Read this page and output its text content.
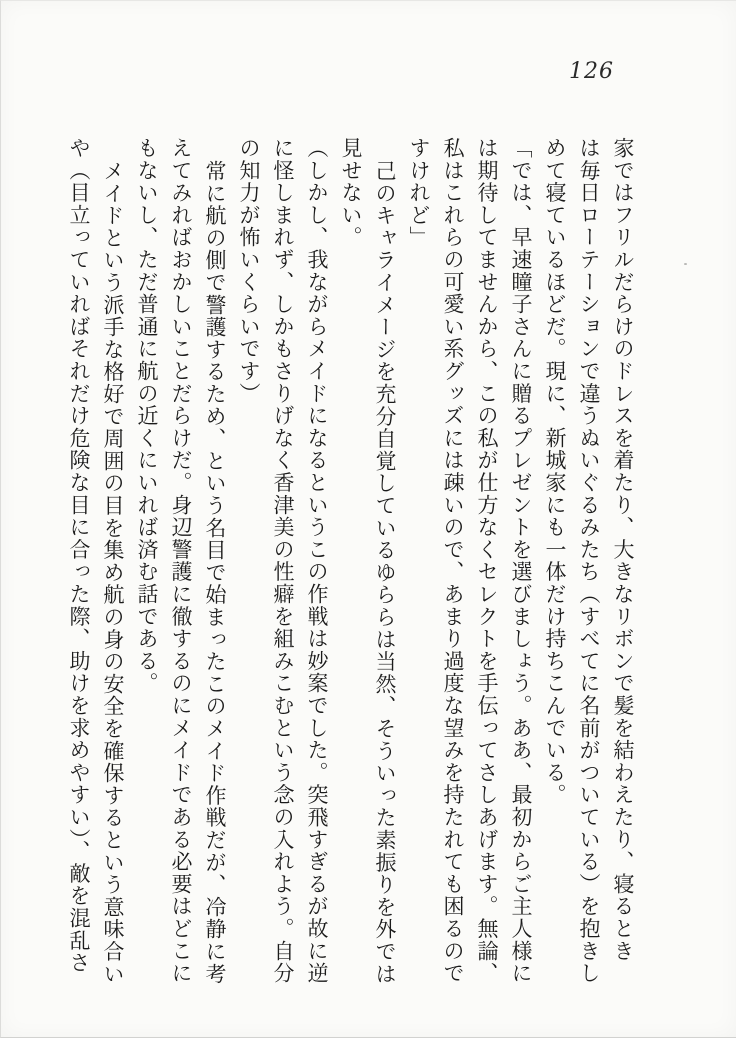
126
家ではフリルだらけのドレスを着たり、大きなリボンで髪を結わえたり、寝るとき
は毎日ローテーションで違うぬいぐるみたち（すべてに名前がついている）を抱きし
めて寝ているほどだ。現に、新城家にも一体だけ持ちこんでいる。
「では、早速瞳子さんに贈るプレゼントを選びましょう。ああ、最初からご主人様に
は期待してませんから、この私が仕方なくセレクトを手伝ってさしあげます。無論、
私はこれらの可愛い系グッズには疎いので、あまり過度な望みを持たれても困るので
すけれど」
己のキャライメージを充分自覚しているゆららは当然、そういった素振りを外では
見せない。
（しかし、我ながらメイドになるというこの作戦は妙案でした。突飛すぎるが故に逆
に怪しまれず、しかもさりげなく香津美の性癖を組みこむという念の入れよう。自分
の知力が怖いくらいです）
常に航の側で警護するため、という名目で始まったこのメイド作戦だが、冷静に考
えてみればおかしいことだらけだ。身辺警護に徹するのにメイドである必要はどこに
もないし、ただ普通に航の近くにいれば済む話である。
メイドという派手な格好で周囲の目を集め航の身の安全を確保するという意味合い
や（目立っていればそれだけ危険な目に合った際、助けを求めやすい）、敵を混乱さ
